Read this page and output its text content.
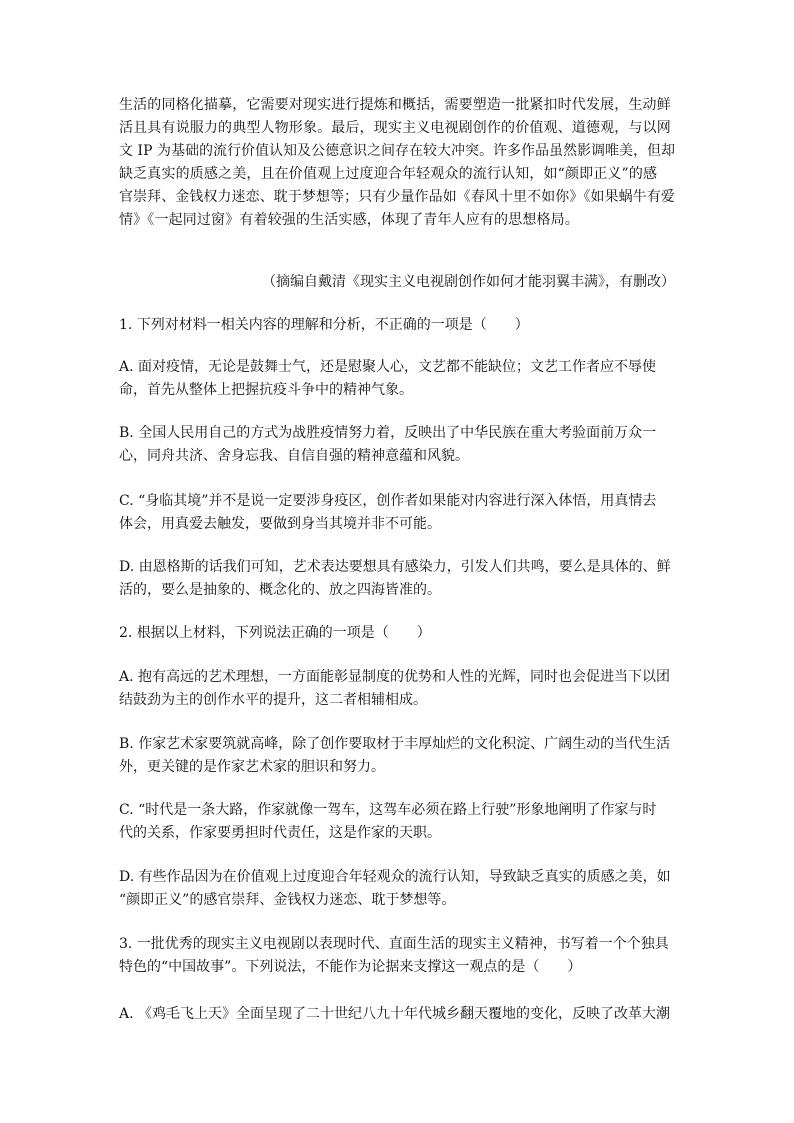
生活的同格化描摹，它需要对现实进行提炼和概括，需要塑造一批紧扣时代发展，生动鲜
活且具有说服力的典型人物形象。最后，现实主义电视剧创作的价值观、道德观，与以网
文 IP 为基础的流行价值认知及公德意识之间存在较大冲突。许多作品虽然影调唯美，但却
缺乏真实的质感之美，且在价值观上过度迎合年轻观众的流行认知，如“颜即正义”的感
官崇拜、金钱权力迷恋、耽于梦想等；只有少量作品如《春风十里不如你》《如果蜗牛有爱
情》《一起同过窗》有着较强的生活实感，体现了青年人应有的思想格局。
（摘编自戴清《现实主义电视剧创作如何才能羽翼丰满》，有删改）
1. 下列对材料一相关内容的理解和分析，不正确的一项是（　　）
A. 面对疫情，无论是鼓舞士气，还是慰聚人心，文艺都不能缺位；文艺工作者应不辱使
命，首先从整体上把握抗疫斗争中的精神气象。
B. 全国人民用自己的方式为战胜疫情努力着，反映出了中华民族在重大考验面前万众一
心，同舟共济、舍身忘我、自信自强的精神意蕴和风貌。
C. “身临其境”并不是说一定要涉身疫区，创作者如果能对内容进行深入体悟，用真情去
体会，用真爱去触发，要做到身当其境并非不可能。
D. 由恩格斯的话我们可知，艺术表达要想具有感染力，引发人们共鸣，要么是具体的、鲜
活的，要么是抽象的、概念化的、放之四海皆准的。
2. 根据以上材料，下列说法正确的一项是（　　）
A. 抱有高远的艺术理想，一方面能彰显制度的优势和人性的光辉，同时也会促进当下以团
结鼓劲为主的创作水平的提升，这二者相辅相成。
B. 作家艺术家要筑就高峰，除了创作要取材于丰厚灿烂的文化积淀、广阔生动的当代生活
外，更关键的是作家艺术家的胆识和努力。
C. “时代是一条大路，作家就像一驾车，这驾车必须在路上行驶”形象地阐明了作家与时
代的关系，作家要勇担时代责任，这是作家的天职。
D. 有些作品因为在价值观上过度迎合年轻观众的流行认知，导致缺乏真实的质感之美，如
“颜即正义”的感官崇拜、金钱权力迷恋、耽于梦想等。
3. 一批优秀的现实主义电视剧以表现时代、直面生活的现实主义精神，书写着一个个独具
特色的“中国故事”。下列说法，不能作为论据来支撑这一观点的是（　　）
A. 《鸡毛飞上天》全面呈现了二十世纪八九十年代城乡翻天覆地的变化，反映了改革大潮
